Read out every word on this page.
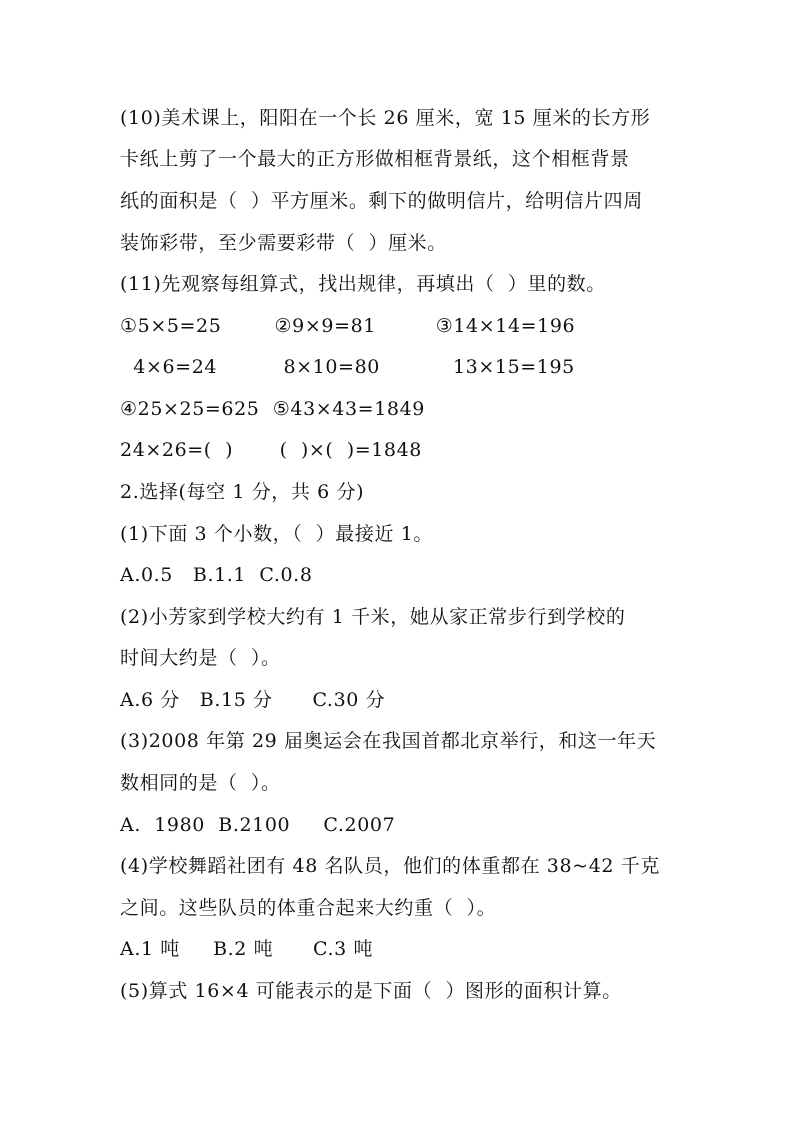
(10)美术课上，阳阳在一个长 26 厘米，宽 15 厘米的长方形
卡纸上剪了一个最大的正方形做相框背景纸，这个相框背景
纸的面积是（  ）平方厘米。剩下的做明信片，给明信片四周
装饰彩带，至少需要彩带（  ）厘米。
(11)先观察每组算式，找出规律，再填出（  ）里的数。
①5×5=25        ②9×9=81         ③14×14=196
4×6=24          8×10=80           13×15=195
④25×25=625  ⑤43×43=1849
24×26=(  )       (  )×(  )=1848
2.选择(每空 1 分，共 6 分)
(1)下面 3 个小数，（  ）最接近 1。
A.0.5   B.1.1  C.0.8
(2)小芳家到学校大约有 1 千米，她从家正常步行到学校的
时间大约是（  ）。
A.6 分   B.15 分      C.30 分
(3)2008 年第 29 届奥运会在我国首都北京举行，和这一年天
数相同的是（  ）。
A.  1980  B.2100     C.2007
(4)学校舞蹈社团有 48 名队员，他们的体重都在 38~42 千克
之间。这些队员的体重合起来大约重（  ）。
A.1 吨     B.2 吨      C.3 吨
(5)算式 16×4 可能表示的是下面（  ）图形的面积计算。
